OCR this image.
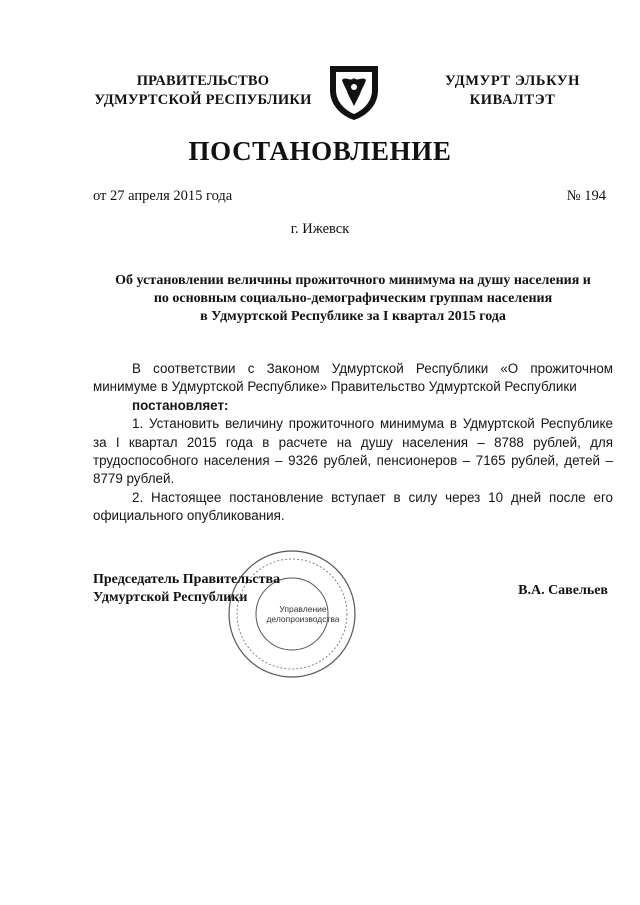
ПРАВИТЕЛЬСТВО
УДМУРТСКОЙ РЕСПУБЛИКИ
УДМУРТ ЭЛЬКУН
КИВАЛТЭТ
ПОСТАНОВЛЕНИЕ
от 27 апреля 2015 года	№ 194
г. Ижевск
Об установлении величины прожиточного минимума на душу населения и
по основным социально-демографическим группам населения
в Удмуртской Республике за I квартал 2015 года

В соответствии с Законом Удмуртской Республики «О прожиточном минимуме в Удмуртской Республике» Правительство Удмуртской Республики

постановляет:

1. Установить величину прожиточного минимума в Удмуртской Республике за I квартал 2015 года в расчете на душу населения – 8788 рублей, для трудоспособного населения – 9326 рублей, пенсионеров – 7165 рублей, детей – 8779 рублей.

2. Настоящее постановление вступает в силу через 10 дней после его официального опубликования.

Управление
делопроизводства
Председатель Правительства
Удмуртской Республики	В.А. Савельев
